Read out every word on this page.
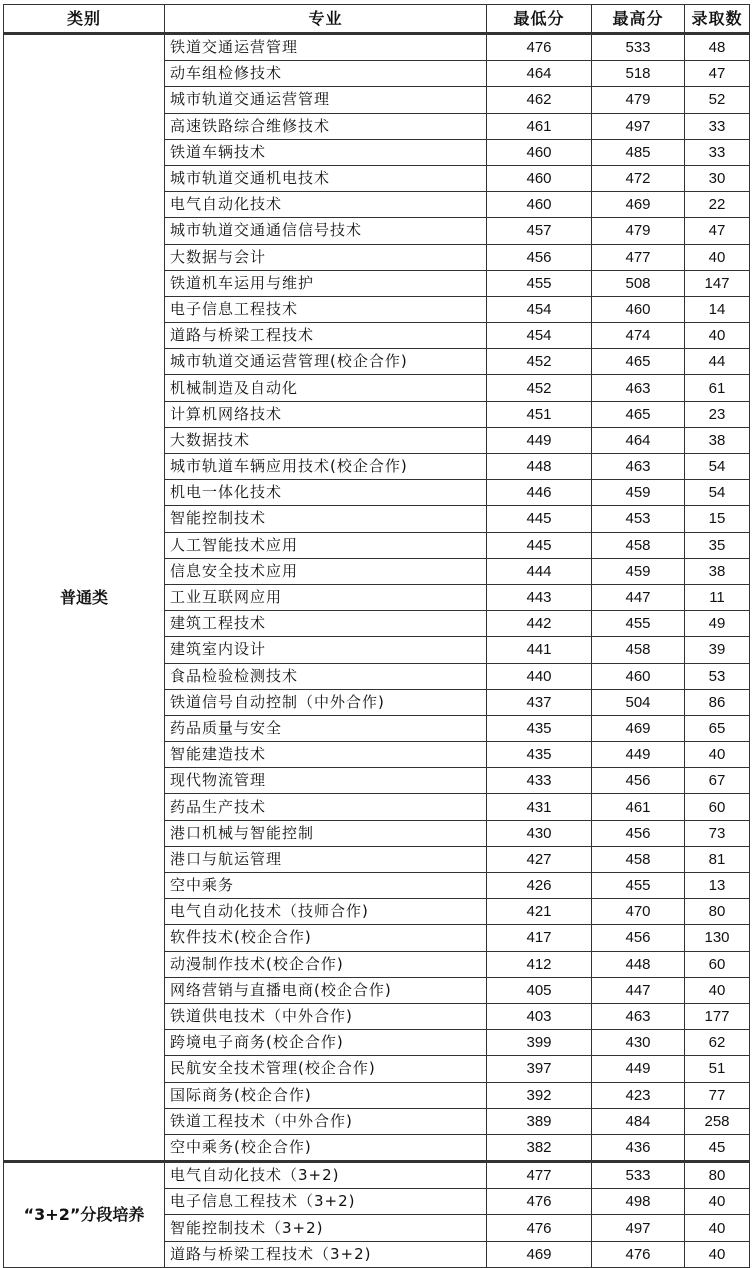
类别	专业	最低分	最高分	录取数
普通类	铁道交通运营管理	476	533	48
	动车组检修技术	464	518	47
	城市轨道交通运营管理	462	479	52
	高速铁路综合维修技术	461	497	33
	铁道车辆技术	460	485	33
	城市轨道交通机电技术	460	472	30
	电气自动化技术	460	469	22
	城市轨道交通通信信号技术	457	479	47
	大数据与会计	456	477	40
	铁道机车运用与维护	455	508	147
	电子信息工程技术	454	460	14
	道路与桥梁工程技术	454	474	40
	城市轨道交通运营管理(校企合作)	452	465	44
	机械制造及自动化	452	463	61
	计算机网络技术	451	465	23
	大数据技术	449	464	38
	城市轨道车辆应用技术(校企合作)	448	463	54
	机电一体化技术	446	459	54
	智能控制技术	445	453	15
	人工智能技术应用	445	458	35
	信息安全技术应用	444	459	38
	工业互联网应用	443	447	11
	建筑工程技术	442	455	49
	建筑室内设计	441	458	39
	食品检验检测技术	440	460	53
	铁道信号自动控制（中外合作)	437	504	86
	药品质量与安全	435	469	65
	智能建造技术	435	449	40
	现代物流管理	433	456	67
	药品生产技术	431	461	60
	港口机械与智能控制	430	456	73
	港口与航运管理	427	458	81
	空中乘务	426	455	13
	电气自动化技术（技师合作)	421	470	80
	软件技术(校企合作)	417	456	130
	动漫制作技术(校企合作)	412	448	60
	网络营销与直播电商(校企合作)	405	447	40
	铁道供电技术（中外合作)	403	463	177
	跨境电子商务(校企合作)	399	430	62
	民航安全技术管理(校企合作)	397	449	51
	国际商务(校企合作)	392	423	77
	铁道工程技术（中外合作)	389	484	258
	空中乘务(校企合作)	382	436	45
“3+2”分段培养	电气自动化技术（3+2)	477	533	80
	电子信息工程技术（3+2)	476	498	40
	智能控制技术（3+2)	476	497	40
	道路与桥梁工程技术（3+2)	469	476	40
